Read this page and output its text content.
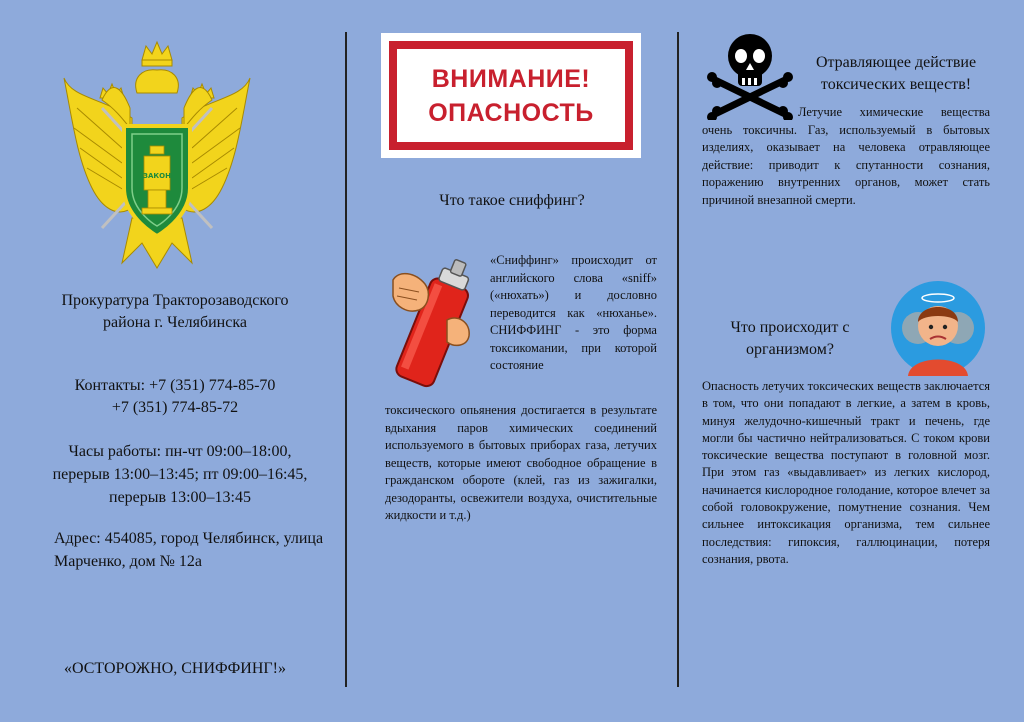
ЗАКОН
Прокуратура Тракторозаводского
района г. Челябинска
Контакты: +7 (351) 774-85-70
+7 (351) 774-85-72
Часы работы: пн-чт 09:00–18:00, перерыв 13:00–13:45; пт 09:00–16:45, перерыв 13:00–13:45
Адрес: 454085, город Челябинск, улица Марченко, дом № 12а
«ОСТОРОЖНО, СНИФФИНГ!»
ВНИМАНИЕ!
ОПАСНОСТЬ
Что такое сниффинг?
«Сниффинг» происходит от английского слова «sniff» («нюхать») и дословно переводится как «нюханье». СНИФФИНГ - это форма токсикомании, при которой состояние
токсического опьянения достигается в результате вдыхания паров химических соединений используемого в бытовых приборах газа, летучих веществ, которые имеют свободное обращение в гражданском обороте (клей, газ из зажигалки, дезодоранты, освежители воздуха, очистительные жидкости и т.д.)
Отравляющее действие токсических веществ!
Летучие химические вещества очень токсичны. Газ, используемый в бытовых изделиях, оказывает на человека отравляющее действие: приводит к спутанности сознания, поражению внутренних органов, может стать причиной внезапной смерти.
Что происходит с организмом?
Опасность летучих токсических веществ заключается в том, что они попадают в легкие, а затем в кровь, минуя желудочно-кишечный тракт и печень, где могли бы частично нейтрализоваться. С током крови токсические вещества поступают в головной мозг. При этом газ «выдавливает» из легких кислород, начинается кислородное голодание, которое влечет за собой головокружение, помутнение сознания. Чем сильнее интоксикация организма, тем сильнее последствия: гипоксия, галлюцинации, потеря сознания, рвота.
